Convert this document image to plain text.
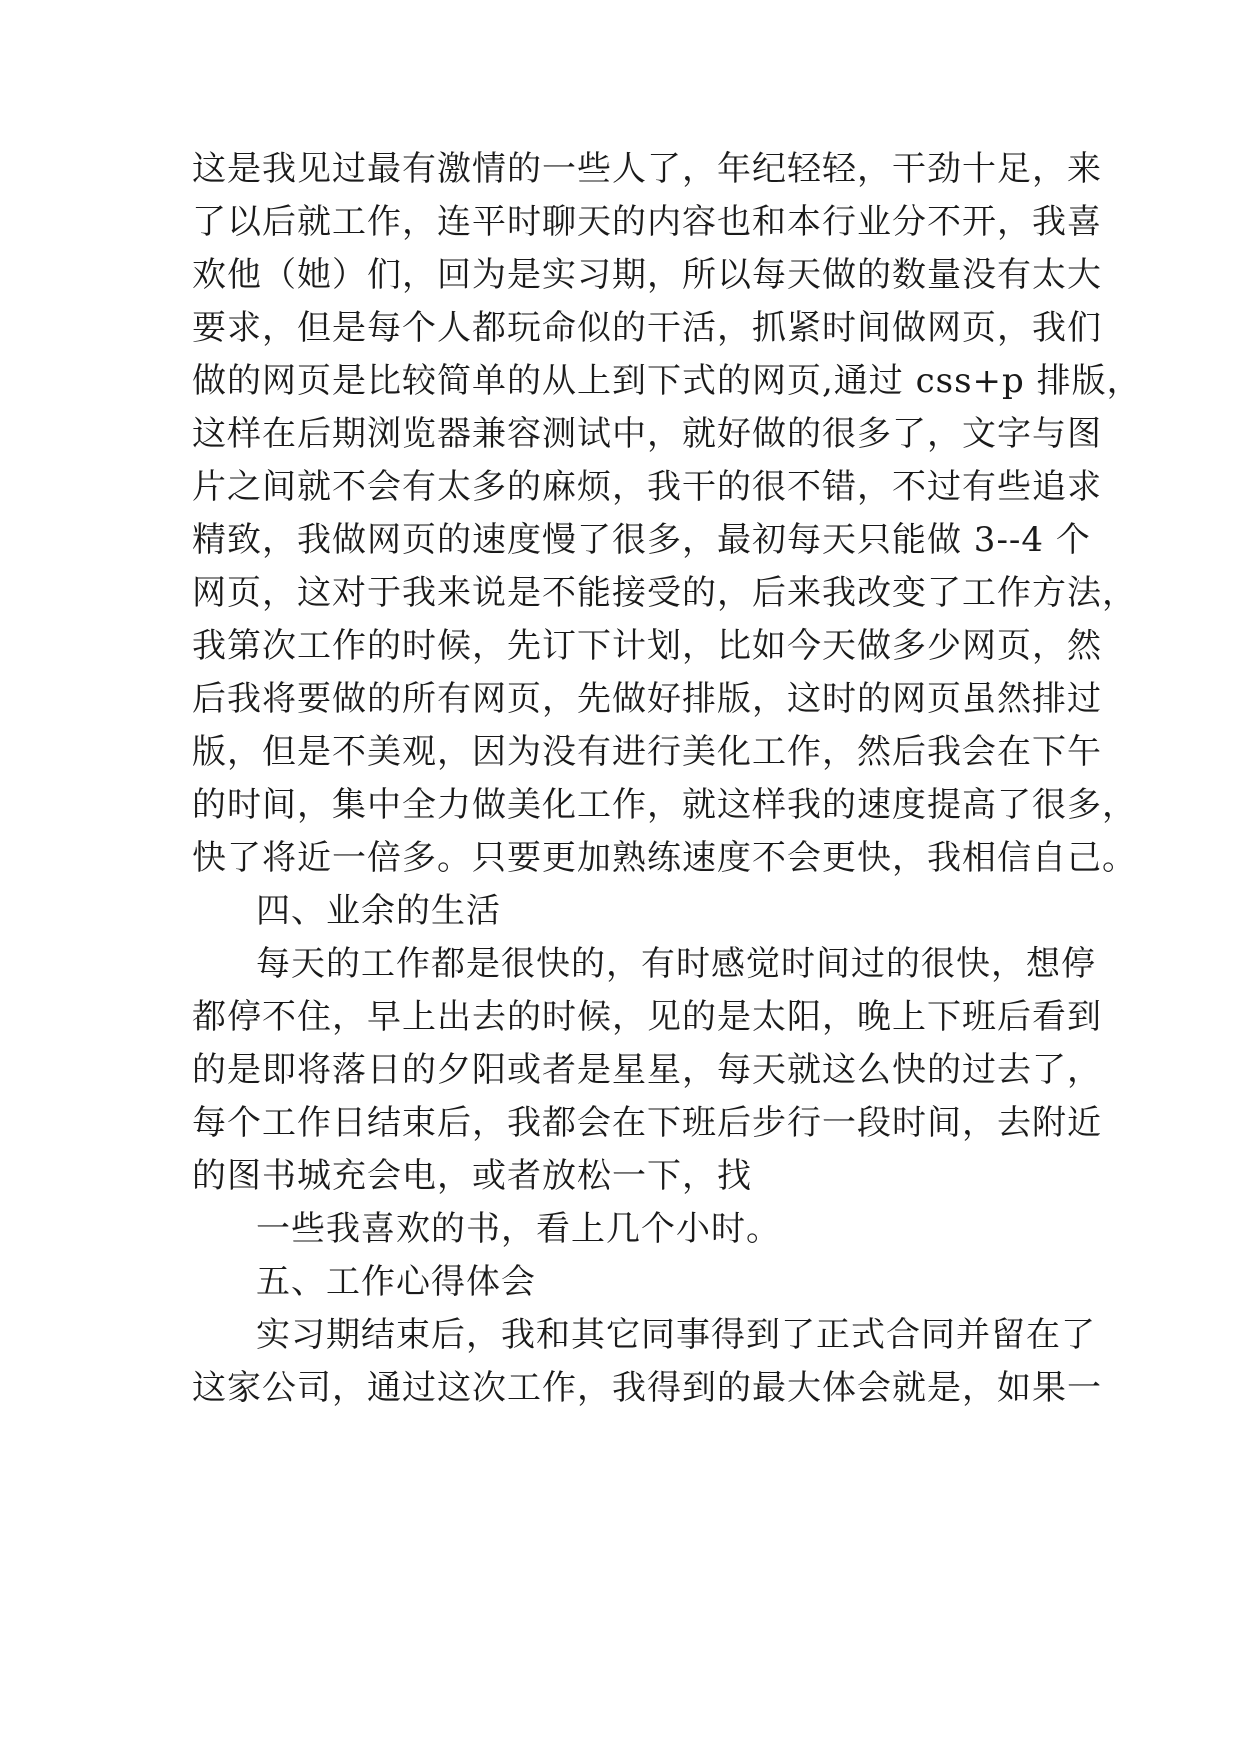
这是我见过最有激情的一些人了，年纪轻轻，干劲十足，来
了以后就工作，连平时聊天的内容也和本行业分不开，我喜
欢他（她）们，回为是实习期，所以每天做的数量没有太大
要求，但是每个人都玩命似的干活，抓紧时间做网页，我们
做的网页是比较简单的从上到下式的网页,通过 css+p 排版，
这样在后期浏览器兼容测试中，就好做的很多了，文字与图
片之间就不会有太多的麻烦，我干的很不错，不过有些追求
精致，我做网页的速度慢了很多，最初每天只能做 3--4 个
网页，这对于我来说是不能接受的，后来我改变了工作方法，
我第次工作的时候，先订下计划，比如今天做多少网页，然
后我将要做的所有网页，先做好排版，这时的网页虽然排过
版，但是不美观，因为没有进行美化工作，然后我会在下午
的时间，集中全力做美化工作，就这样我的速度提高了很多，
快了将近一倍多。只要更加熟练速度不会更快，我相信自己。
四、业余的生活
每天的工作都是很快的，有时感觉时间过的很快，想停
都停不住，早上出去的时候，见的是太阳，晚上下班后看到
的是即将落日的夕阳或者是星星，每天就这么快的过去了，
每个工作日结束后，我都会在下班后步行一段时间，去附近
的图书城充会电，或者放松一下，找
一些我喜欢的书，看上几个小时。
五、工作心得体会
实习期结束后，我和其它同事得到了正式合同并留在了
这家公司，通过这次工作，我得到的最大体会就是，如果一
